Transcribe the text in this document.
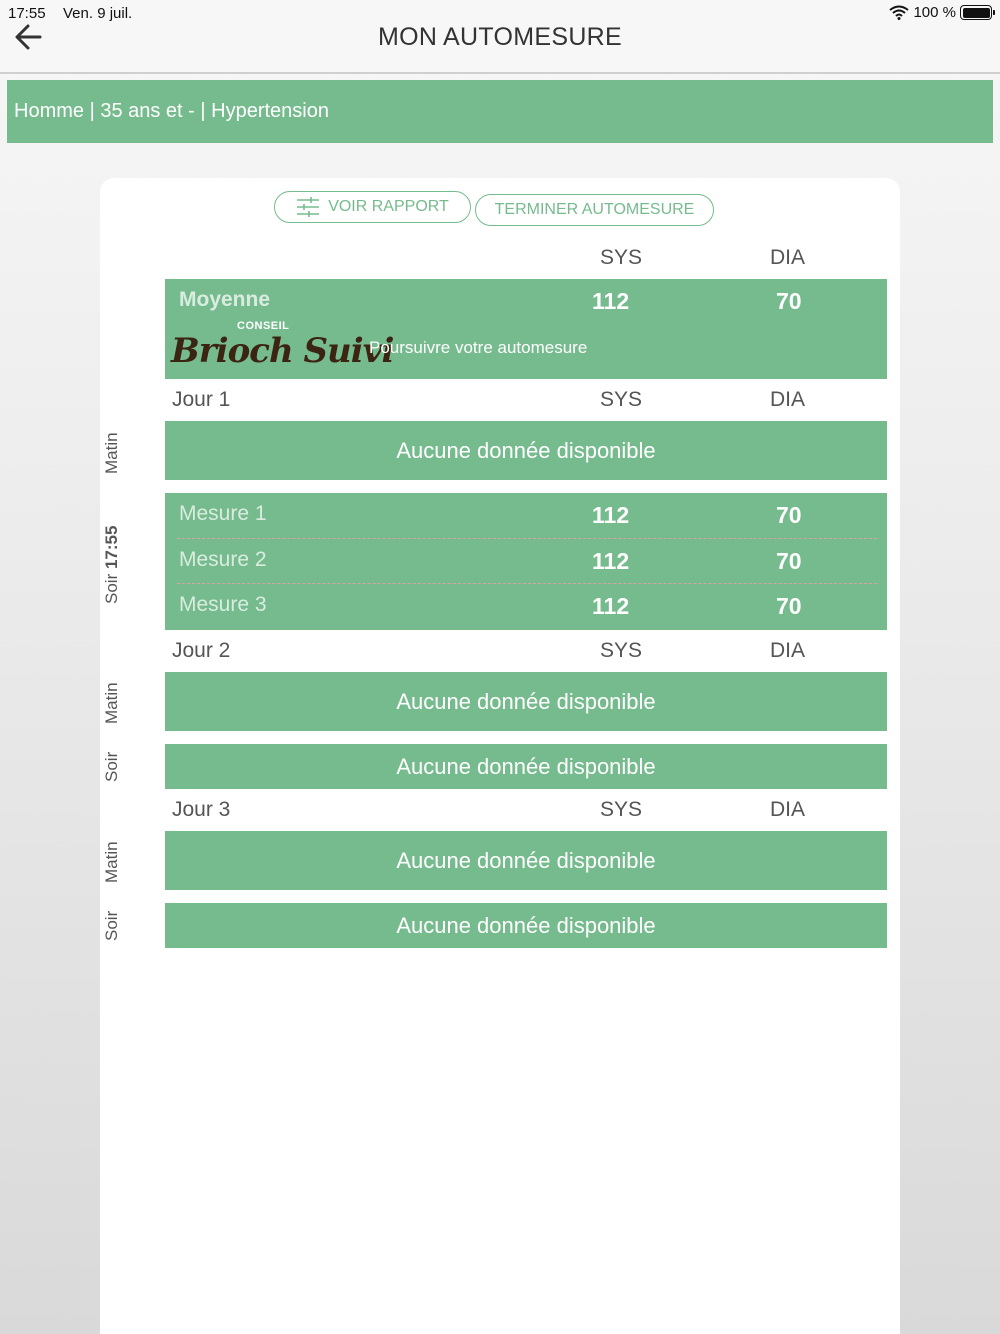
MON AUTOMESURE
17:55 Ven. 9 juil.	100 %
Homme | 35 ans et - | Hypertension
VOIR RAPPORT	TERMINER AUTOMESURE
SYS	DIA
Moyenne	112	70
CONSEIL
Brioch Suivi
Poursuivre votre automesure
Jour 1	SYS	DIA
Matin	Aucune donnée disponible
Soir 17:55
Mesure 1	112	70
Mesure 2	112	70
Mesure 3	112	70
Jour 2	SYS	DIA
Matin	Aucune donnée disponible
Soir	Aucune donnée disponible
Jour 3	SYS	DIA
Matin	Aucune donnée disponible
Soir	Aucune donnée disponible
